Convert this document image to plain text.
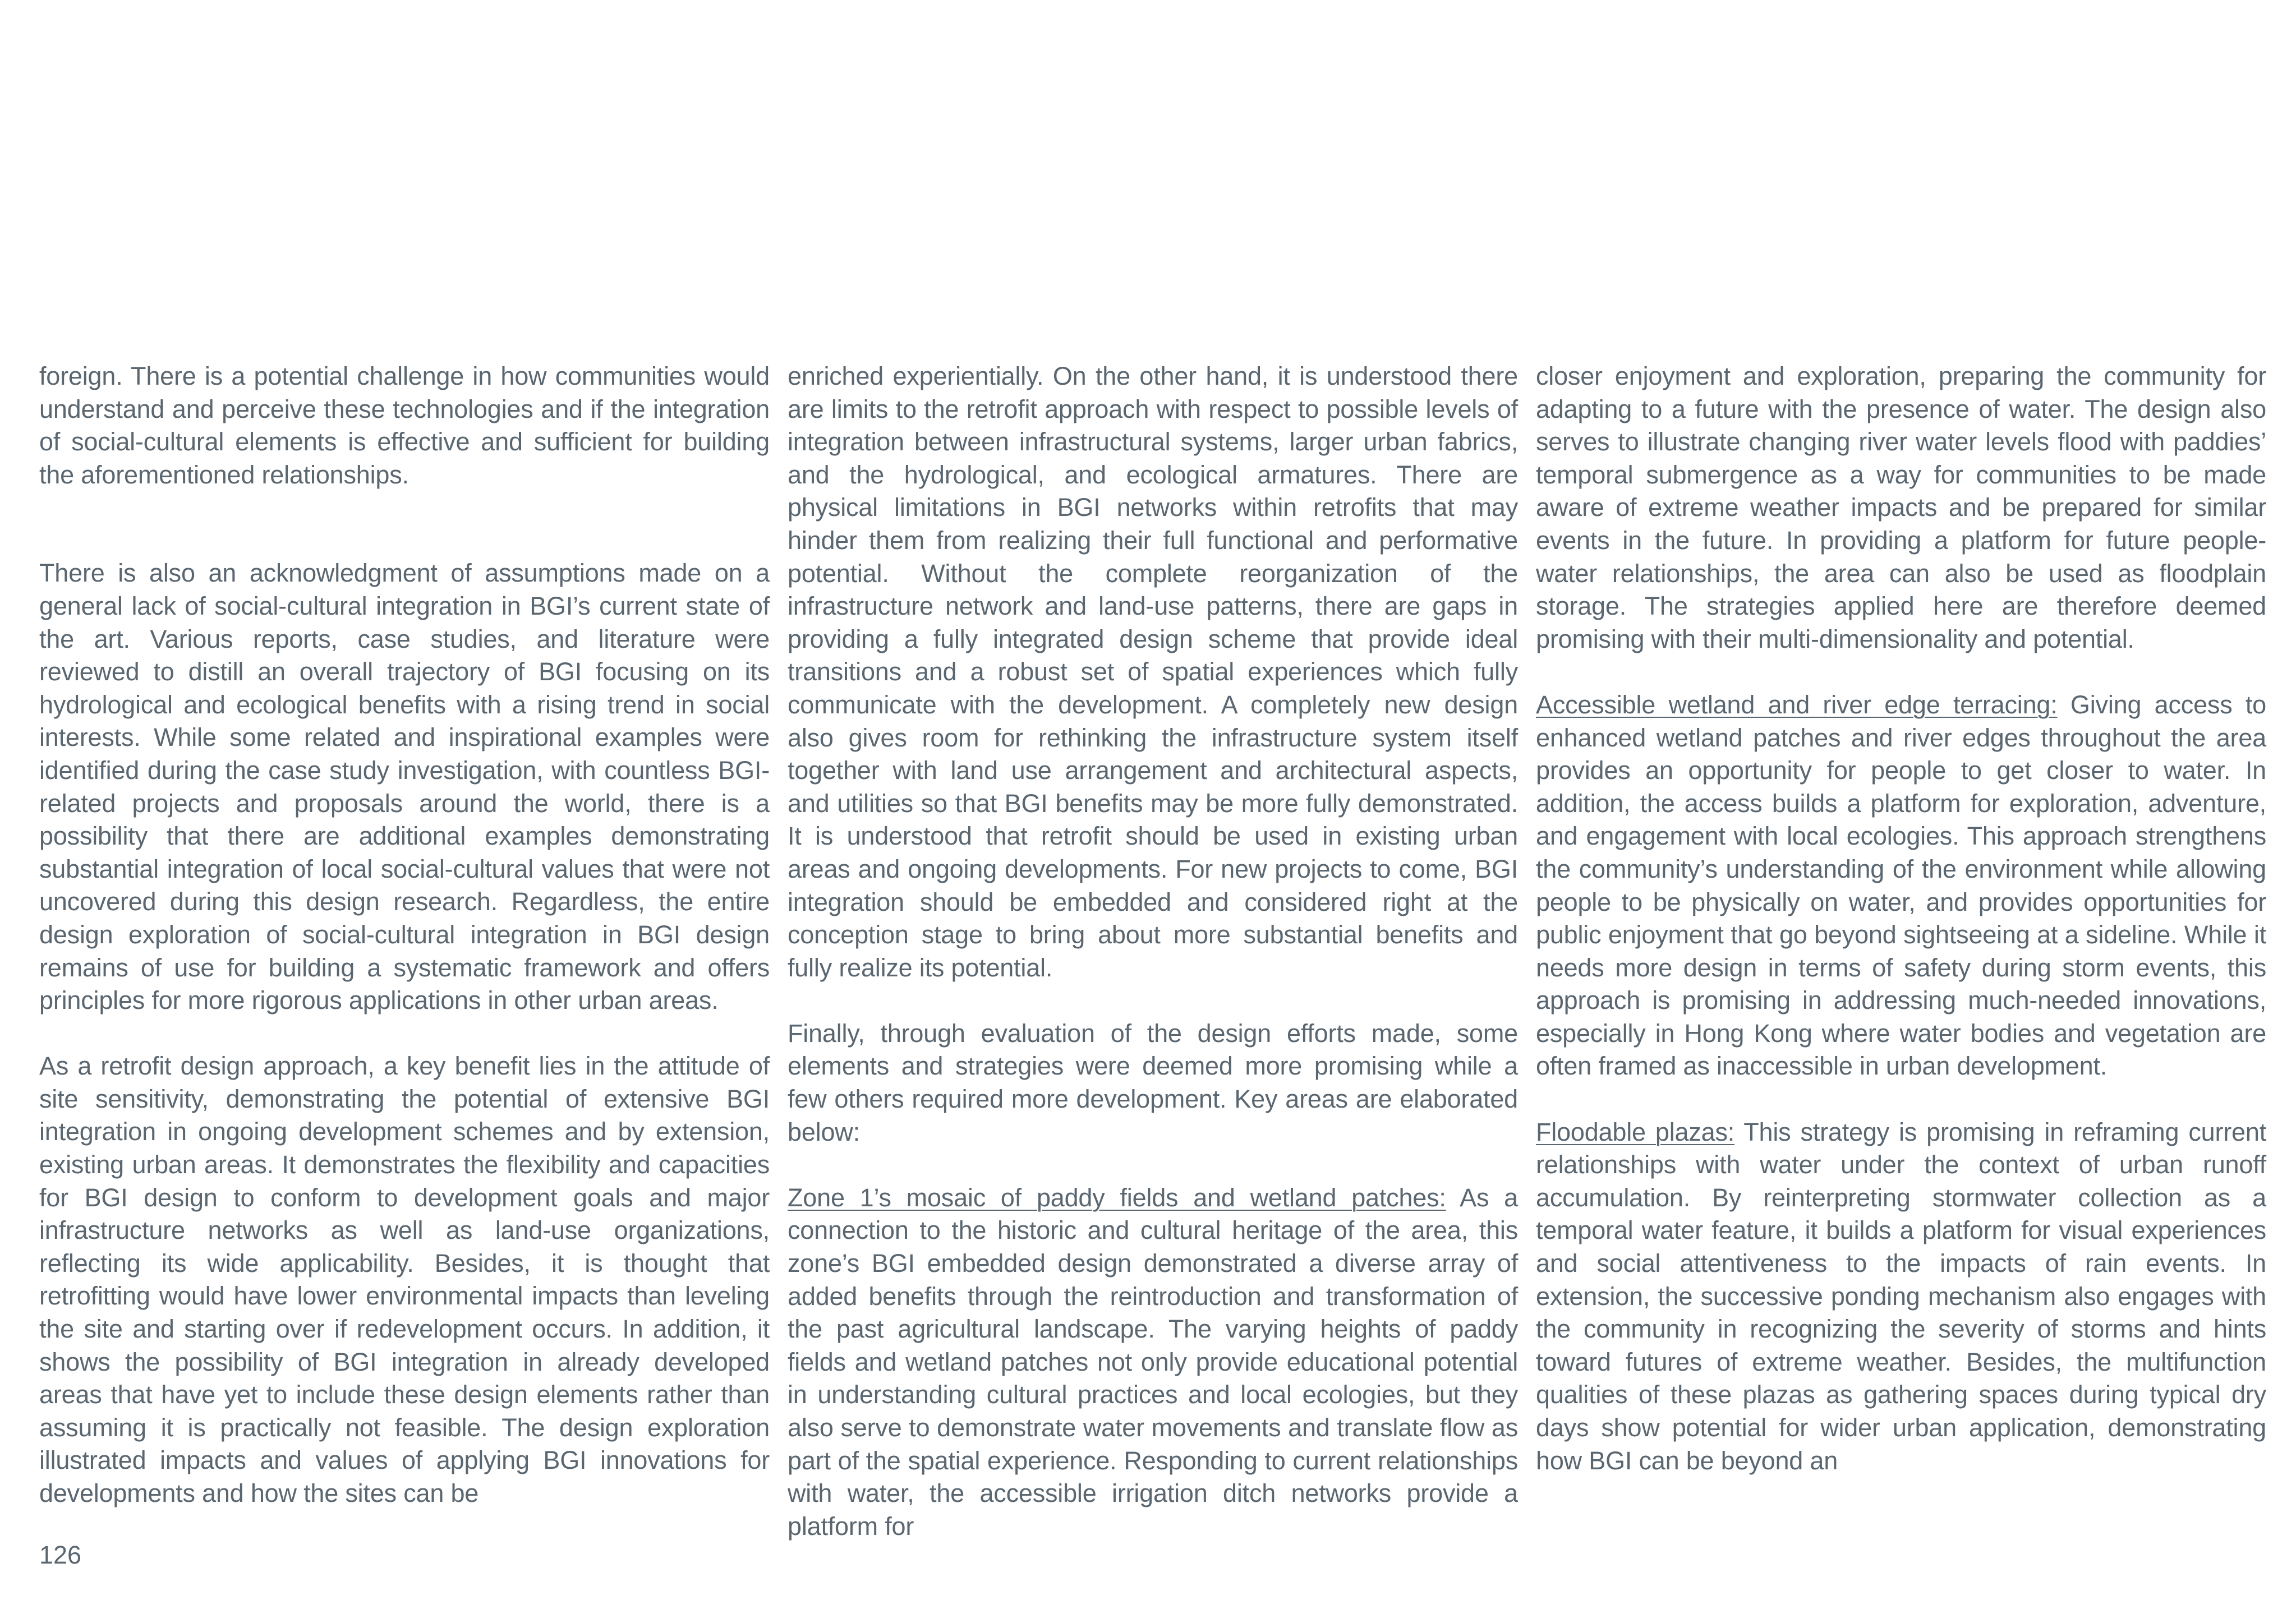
foreign. There is a potential challenge in how communities would understand and perceive these technologies and if the integration of social-cultural elements is effective and sufficient for building the aforementioned relationships.

There is also an acknowledgment of assumptions made on a general lack of social-cultural integration in BGI’s current state of the art. Various reports, case studies, and literature were reviewed to distill an overall trajectory of BGI focusing on its hydrological and ecological benefits with a rising trend in social interests. While some related and inspirational examples were identified during the case study investigation, with countless BGI-related projects and proposals around the world, there is a possibility that there are additional examples demonstrating substantial integration of local social-cultural values that were not uncovered during this design research. Regardless, the entire design exploration of social-cultural integration in BGI design remains of use for building a systematic framework and offers principles for more rigorous applications in other urban areas.

As a retrofit design approach, a key benefit lies in the attitude of site sensitivity, demonstrating the potential of extensive BGI integration in ongoing development schemes and by extension, existing urban areas. It demonstrates the flexibility and capacities for BGI design to conform to development goals and major infrastructure networks as well as land-use organizations, reflecting its wide applicability. Besides, it is thought that retrofitting would have lower environmental impacts than leveling the site and starting over if redevelopment occurs. In addition, it shows the possibility of BGI integration in already developed areas that have yet to include these design elements rather than assuming it is practically not feasible. The design exploration illustrated impacts and values of applying BGI innovations for developments and how the sites can be

enriched experientially. On the other hand, it is understood there are limits to the retrofit approach with respect to possible levels of integration between infrastructural systems, larger urban fabrics, and the hydrological, and ecological armatures. There are physical limitations in BGI networks within retrofits that may hinder them from realizing their full functional and performative potential. Without the complete reorganization of the infrastructure network and land-use patterns, there are gaps in providing a fully integrated design scheme that provide ideal transitions and a robust set of spatial experiences which fully communicate with the development. A completely new design also gives room for rethinking the infrastructure system itself together with land use arrangement and architectural aspects, and utilities so that BGI benefits may be more fully demonstrated. It is understood that retrofit should be used in existing urban areas and ongoing developments. For new projects to come, BGI integration should be embedded and considered right at the conception stage to bring about more substantial benefits and fully realize its potential.

Finally, through evaluation of the design efforts made, some elements and strategies were deemed more promising while a few others required more development. Key areas are elaborated below:

Zone 1’s mosaic of paddy fields and wetland patches: As a connection to the historic and cultural heritage of the area, this zone’s BGI embedded design demonstrated a diverse array of added benefits through the reintroduction and transformation of the past agricultural landscape. The varying heights of paddy fields and wetland patches not only provide educational potential in understanding cultural practices and local ecologies, but they also serve to demonstrate water movements and translate flow as part of the spatial experience. Responding to current relationships with water, the accessible irrigation ditch networks provide a platform for

closer enjoyment and exploration, preparing the community for adapting to a future with the presence of water. The design also serves to illustrate changing river water levels flood with paddies’ temporal submergence as a way for communities to be made aware of extreme weather impacts and be prepared for similar events in the future. In providing a platform for future people-water relationships, the area can also be used as floodplain storage. The strategies applied here are therefore deemed promising with their multi-dimensionality and potential.

Accessible wetland and river edge terracing: Giving access to enhanced wetland patches and river edges throughout the area provides an opportunity for people to get closer to water. In addition, the access builds a platform for exploration, adventure, and engagement with local ecologies. This approach strengthens the community’s understanding of the environment while allowing people to be physically on water, and provides opportunities for public enjoyment that go beyond sightseeing at a sideline. While it needs more design in terms of safety during storm events, this approach is promising in addressing much-needed innovations, especially in Hong Kong where water bodies and vegetation are often framed as inaccessible in urban development.

Floodable plazas: This strategy is promising in reframing current relationships with water under the context of urban runoff accumulation. By reinterpreting stormwater collection as a temporal water feature, it builds a platform for visual experiences and social attentiveness to the impacts of rain events. In extension, the successive ponding mechanism also engages with the community in recognizing the severity of storms and hints toward futures of extreme weather. Besides, the multifunction qualities of these plazas as gathering spaces during typical dry days show potential for wider urban application, demonstrating how BGI can be beyond an

126
